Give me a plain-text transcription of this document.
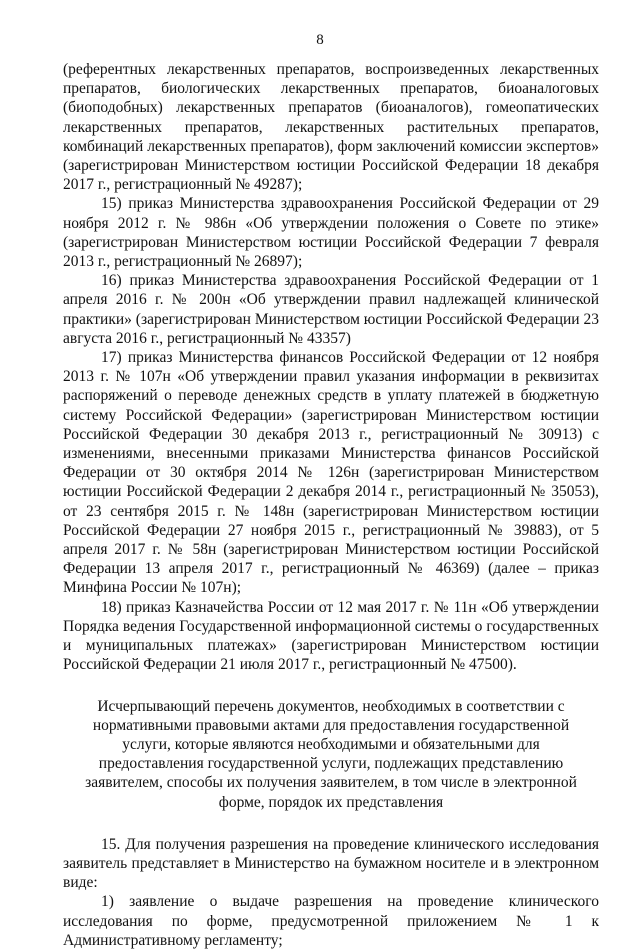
8

(референтных лекарственных препаратов, воспроизведенных лекарственных препаратов, биологических лекарственных препаратов, биоаналоговых (биоподобных) лекарственных препаратов (биоаналогов), гомеопатических лекарственных препаратов, лекарственных растительных препаратов, комбинаций лекарственных препаратов), форм заключений комиссии экспертов» (зарегистрирован Министерством юстиции Российской Федерации 18 декабря 2017 г., регистрационный № 49287);

15) приказ Министерства здравоохранения Российской Федерации от 29 ноября 2012 г. № 986н «Об утверждении положения о Совете по этике» (зарегистрирован Министерством юстиции Российской Федерации 7 февраля 2013 г., регистрационный № 26897);

16) приказ Министерства здравоохранения Российской Федерации от 1 апреля 2016 г. № 200н «Об утверждении правил надлежащей клинической практики» (зарегистрирован Министерством юстиции Российской Федерации 23 августа 2016 г., регистрационный № 43357)

17) приказ Министерства финансов Российской Федерации от 12 ноября 2013 г. № 107н «Об утверждении правил указания информации в реквизитах распоряжений о переводе денежных средств в уплату платежей в бюджетную систему Российской Федерации» (зарегистрирован Министерством юстиции Российской Федерации 30 декабря 2013 г., регистрационный № 30913) с изменениями, внесенными приказами Министерства финансов Российской Федерации от 30 октября 2014 № 126н (зарегистрирован Министерством юстиции Российской Федерации 2 декабря 2014 г., регистрационный № 35053), от 23 сентября 2015 г. № 148н (зарегистрирован Министерством юстиции Российской Федерации 27 ноября 2015 г., регистрационный № 39883), от 5 апреля 2017 г. № 58н (зарегистрирован Министерством юстиции Российской Федерации 13 апреля 2017 г., регистрационный № 46369) (далее – приказ Минфина России № 107н);

18) приказ Казначейства России от 12 мая 2017 г. № 11н «Об утверждении Порядка ведения Государственной информационной системы о государственных и муниципальных платежах» (зарегистрирован Министерством юстиции Российской Федерации 21 июля 2017 г., регистрационный № 47500).

Исчерпывающий перечень документов, необходимых в соответствии с нормативными правовыми актами для предоставления государственной услуги, которые являются необходимыми и обязательными для предоставления государственной услуги, подлежащих представлению заявителем, способы их получения заявителем, в том числе в электронной форме, порядок их представления

15. Для получения разрешения на проведение клинического исследования заявитель представляет в Министерство на бумажном носителе и в электронном виде:

1) заявление о выдаче разрешения на проведение клинического исследования по форме, предусмотренной приложением № 1 к Административному регламенту;
